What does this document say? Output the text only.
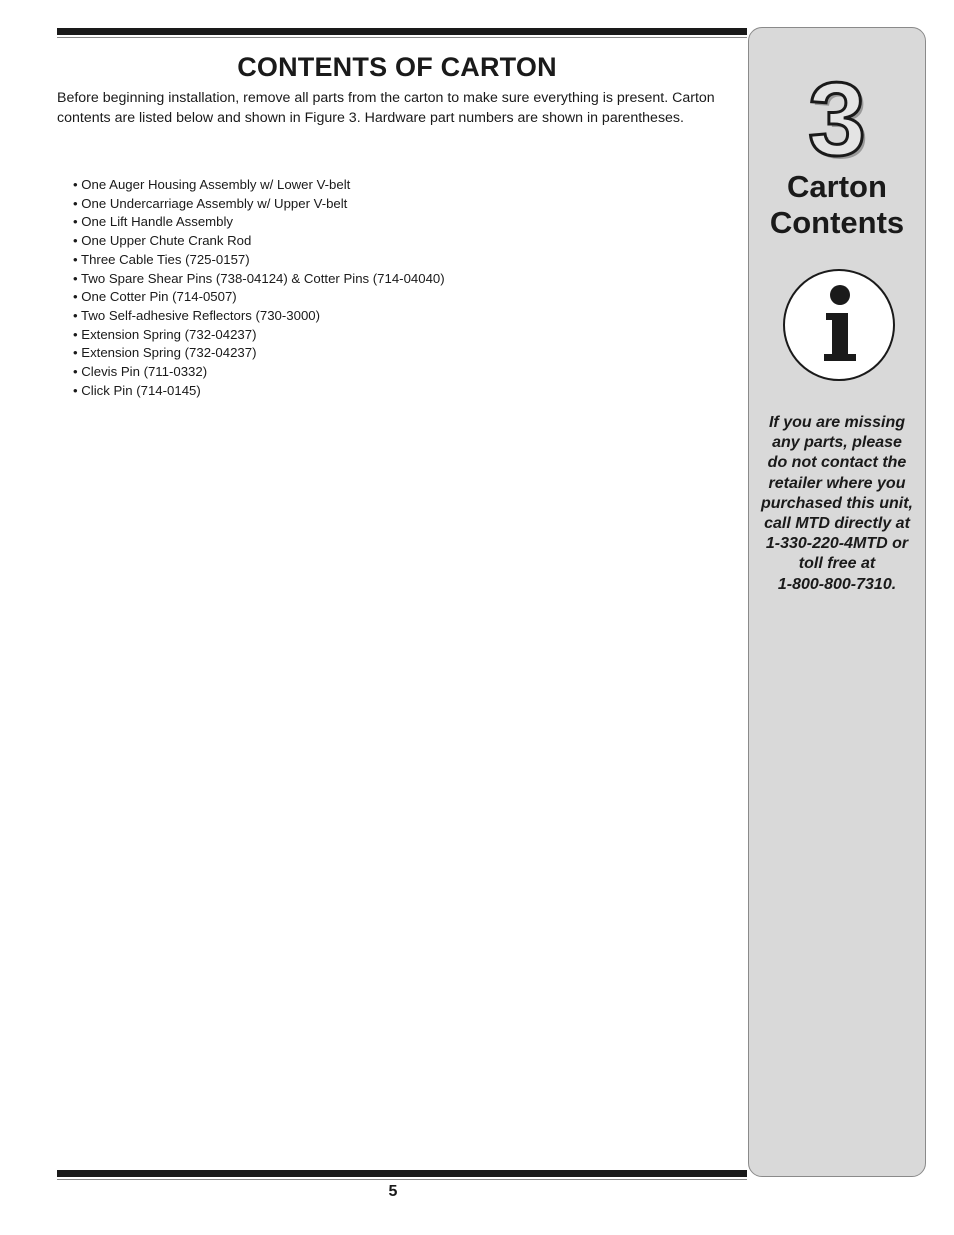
CONTENTS OF CARTON

Before beginning installation, remove all parts from the carton to make sure everything is present. Carton contents are listed below and shown in Figure 3. Hardware part numbers are shown in parentheses.

• One Auger Housing Assembly w/ Lower V-belt
• One Undercarriage Assembly w/ Upper V-belt
• One Lift Handle Assembly
• One Upper Chute Crank Rod
• Three Cable Ties (725-0157)
• Two Spare Shear Pins (738-04124) & Cotter Pins (714-04040)
• One Cotter Pin (714-0507)
• Two Self-adhesive Reflectors (730-3000)
• Extension Spring (732-04237)
• Extension Spring (732-04237)
• Clevis Pin (711-0332)
• Click Pin (714-0145)

5

3
Carton
Contents

If you are missing
any parts, please
do not contact the
retailer where you
purchased this unit,
call MTD directly at
1-330-220-4MTD or
toll free at
1-800-800-7310.
